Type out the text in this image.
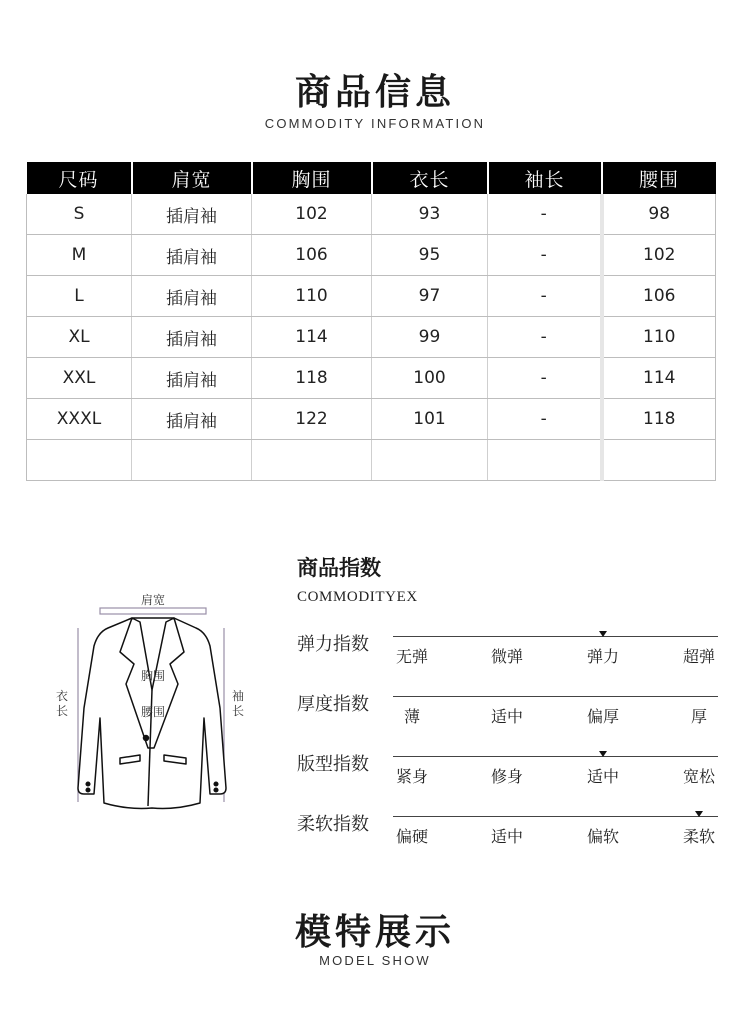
商品信息
COMMODITY INFORMATION
尺码	肩宽	胸围	衣长	袖长	腰围
S	插肩袖	102	93	-	98
M	插肩袖	106	95	-	102
L	插肩袖	110	97	-	106
XL	插肩袖	114	99	-	110
XXL	插肩袖	118	100	-	114
XXXL	插肩袖	122	101	-	118

肩宽
胸围
腰围
衣
长
袖
长
商品指数
COMMODITYEX
弹力指数
无弹	微弹	弹力	超弹
厚度指数
薄	适中	偏厚	厚
版型指数
紧身	修身	适中	宽松
柔软指数
偏硬	适中	偏软	柔软
模特展示
MODEL SHOW
